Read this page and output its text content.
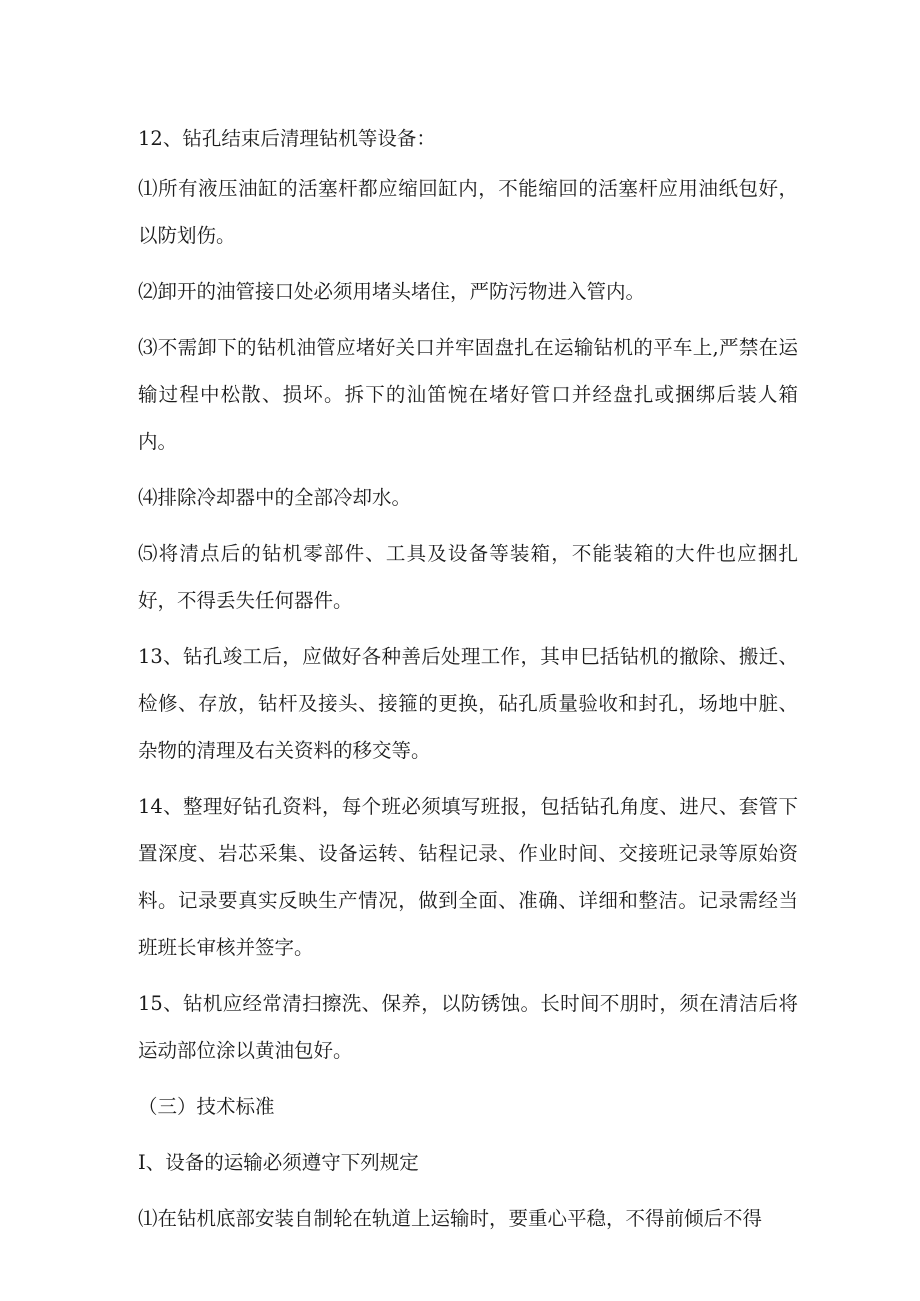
12、钻孔结束后清理钻机等设备：

⑴所有液压油缸的活塞杆都应缩回缸内，不能缩回的活塞杆应用油纸包好，以防划伤。

⑵卸开的油管接口处必须用堵头堵住，严防污物进入管内。

⑶不需卸下的钻机油管应堵好关口并牢固盘扎在运输钻机的平车上,严禁在运输过程中松散、损坏。拆下的汕笛惋在堵好管口并经盘扎或捆绑后装人箱内。

⑷排除冷却器中的全部冷却水。

⑸将清点后的钻机零部件、工具及设备等装箱，不能装箱的大件也应捆扎好，不得丢失任何器件。

13、钻孔竣工后，应做好各种善后处理工作，其申巳括钻机的撤除、搬迁、检修、存放，钻杆及接头、接箍的更换，砧孔质量验收和封孔，场地中脏、杂物的清理及右关资料的移交等。

14、整理好钻孔资料，每个班必须填写班报，包括钻孔角度、进尺、套管下置深度、岩芯采集、设备运转、钻程记录、作业时间、交接班记录等原始资料。记录要真实反映生产情况，做到全面、准确、详细和整洁。记录需经当班班长审核并签字。

15、钻机应经常清扫擦洗、保养，以防锈蚀。长时间不朋时，须在清洁后将运动部位涂以黄油包好。

（三）技术标准

I、设备的运输必须遵守下列规定

⑴在钻机底部安装自制轮在轨道上运输时，要重心平稳，不得前倾后不得
